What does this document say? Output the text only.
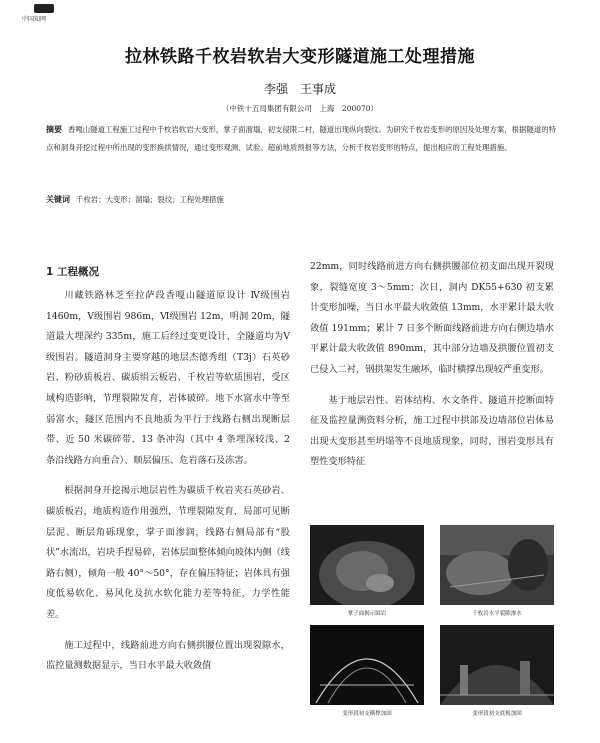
中国知网
拉林铁路千枚岩软岩大变形隧道施工处理措施
李强　王事成
（中铁十五局集团有限公司　上海　200070）
摘要 香嘎山隧道工程施工过程中千枚岩软岩大变形，掌子面溜塌，初支侵限二衬，隧道出现纵向裂纹。为研究千枚岩变形的原因及处理方案，根据隧道的特点和洞身开挖过程中所出现的变形换拱情况，通过变形观测、试验、超前地质预报等方法，分析千枚岩变形的特点，提出相应的工程处理措施。
关键词 千枚岩；大变形；溜塌；裂纹；工程处理措施
1 工程概况

川藏铁路林芝至拉萨段香嘎山隧道原设计 Ⅳ级围岩 1460m，Ⅴ级围岩 986m，Ⅵ级围岩 12m，明洞 20m，隧道最大埋深约 335m，施工后经过变更设计，全隧道均为Ⅴ级围岩。隧道洞身主要穿越的地层杰德秀组（T3j）石英砂岩、粉砂质板岩、碳质绢云板岩、千枚岩等软质围岩，受区域构造影响，节理裂隙发育，岩体破碎。地下水富水中等至弱富水，隧区范围内不良地质为平行于线路右侧出现断层带、近 50 米碳碎带、13 条冲沟（其中 4 条埋深较浅、2 条沿线路方向重合）、顺层偏压、危岩落石及冻害。

根据洞身开挖揭示地层岩性为碳质千枚岩夹石英砂岩、碳质板岩，地质构造作用强烈，节理裂隙发育，局部可见断层泥、断层角砾现象，掌子面渗润，线路右侧局部有“股状”水流出，岩块手捏易碎，岩体层面整体倾向坡体内侧（线路右侧），倾角一般 40°～50°，存在偏压特征；岩体具有强度低易软化、易风化及抗水软化能力差等特征，力学性能差。

施工过程中，线路前进方向右侧拱腰位置出现裂隙水，监控量测数据显示，当日水平最大收敛值

22mm，同时线路前进方向右侧拱腰部位初支面出现开裂现象，裂缝宽度 3～5mm；次日，洞内 DK55+630 初支累计变形加噪，当日水平最大收敛值 13mm，水平累计最大收敛值 191mm；累计 7 日多个断面线路前进方向右侧边墙水平累计最大收敛值 890mm，其中部分边墙及拱腰位置初支已侵入二衬，钢拱架发生融坏，临时横撑出现较严重变形。

基于地层岩性、岩体结构、水文条件、隧道开挖断面特征及监控量测资料分析，施工过程中拱部及边墙部位岩体易出现大变形甚至坍塌等不良地质现象，同时，围岩变形具有塑性变形特征

掌子面揭示围岩	千枚岩水平裂隙渗水
变形段初支横撑加固	变形段初支底板加固
